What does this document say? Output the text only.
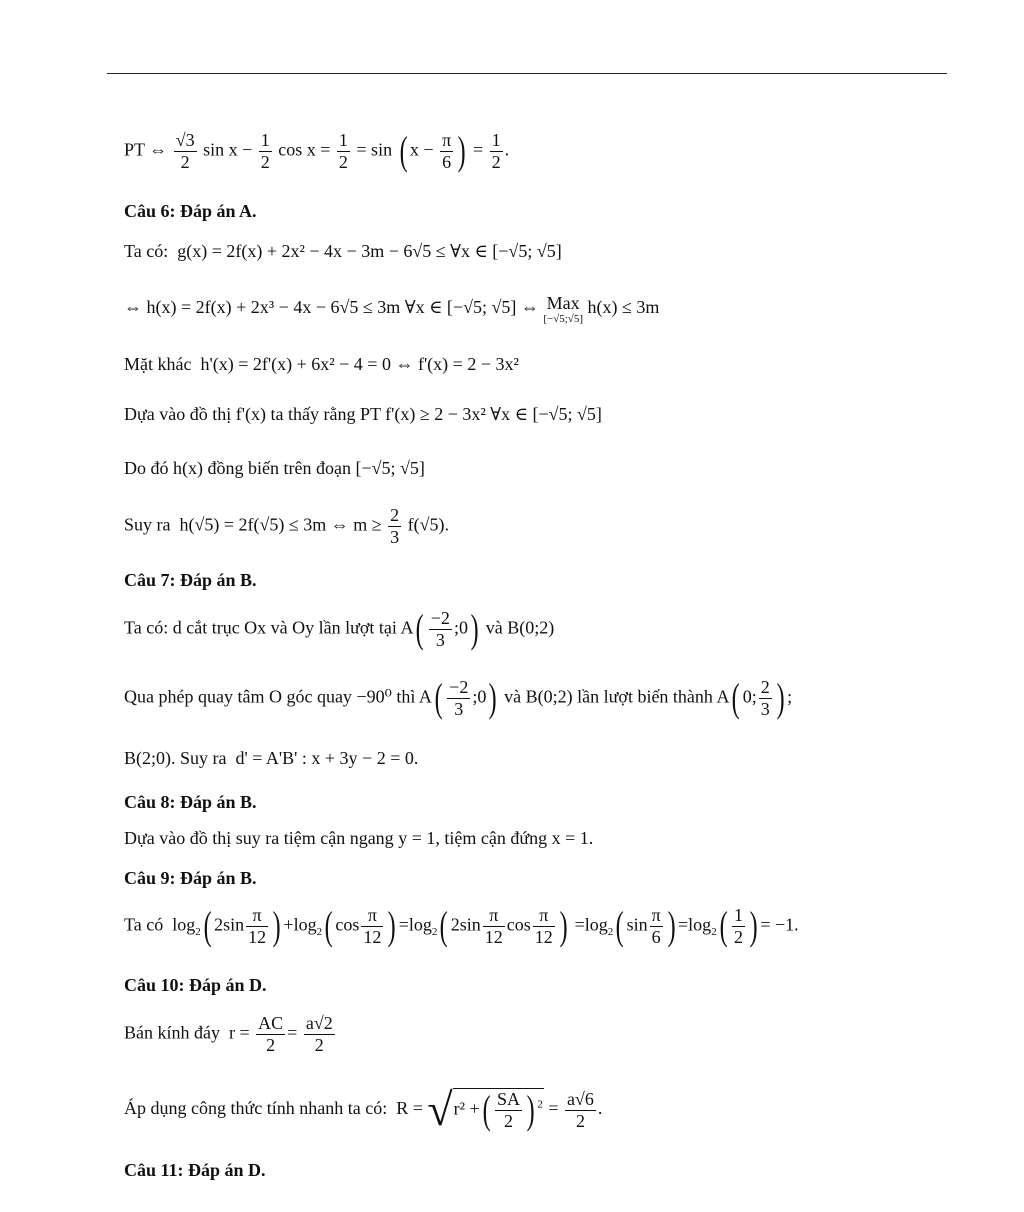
PT ⇔ $\frac{√3}{2}$ $\sin x - \frac{1}{2}$ $\cos x = \frac{1}{2} = \sin$ ( $x - \frac{\pi}{6}$ ) = $\frac{1}{2}$ .
Câu 6: Đáp án A.
Ta có: g(x) = 2f(x) + 2x² − 4x − 3m − 6√5 ≤ ∀x ∈ [−√5; √5]
⇔ h(x) = 2f(x) + 2x³ − 4x − 6√5 ≤ 3m ∀x ∈ [−√5; √5] ⇔ Max
[−√5;√5]
h(x) ≤ 3m
Mặt khác h'(x) = 2f'(x) + 6x² − 4 = 0 ⇔ f'(x) = 2 − 3x²
Dựa vào đồ thị f'(x) ta thấy rằng PT f'(x) ≥ 2 − 3x² ∀x ∈ [−√5; √5]
Do đó h(x) đồng biến trên đoạn [−√5; √5]
Suy ra h(√5) = 2f(√5) ≤ 3m ⇔ $m \ge \frac{2}{3} f(√5)$.
Câu 7: Đáp án B.
Ta có: d cắt trục Ox và Oy lần lượt tại $A( \frac{-2}{3}$ ;0) và B(0;2)
Qua phép quay tâm O góc quay −90⁰ thì $A( \frac{-2}{3}$ ;0) và B(0;2) lần lượt biến thành A( 0; $\frac{2}{3}$ ) ;
B(2;0). Suy ra d' = A'B' : x + 3y − 2 = 0.
Câu 8: Đáp án B.
Dựa vào đồ thị suy ra tiệm cận ngang y = 1, tiệm cận đứng x = 1.
Câu 9: Đáp án B.
Ta có $\log_2$( $2\sin \frac{\pi}{12}$ ) $+\log_2$( $\cos \frac{\pi}{12}$ ) $=\log_2$( $2\sin \frac{\pi}{12}$ $\cos \frac{\pi}{12}$ ) $=\log_2$( $\sin \frac{\pi}{6}$ ) $=\log_2( \frac{1}{2}$ ) = −1.
Câu 10: Đáp án D.
Bán kính đáy $r = \frac{AC}{2} = \frac{a√2}{2}$
Áp dụng công thức tính nhanh ta có: R = √r² +( $\frac{SA}{2}$ ) $^2 = \frac{a√6}{2}$ .
Câu 11: Đáp án D.
